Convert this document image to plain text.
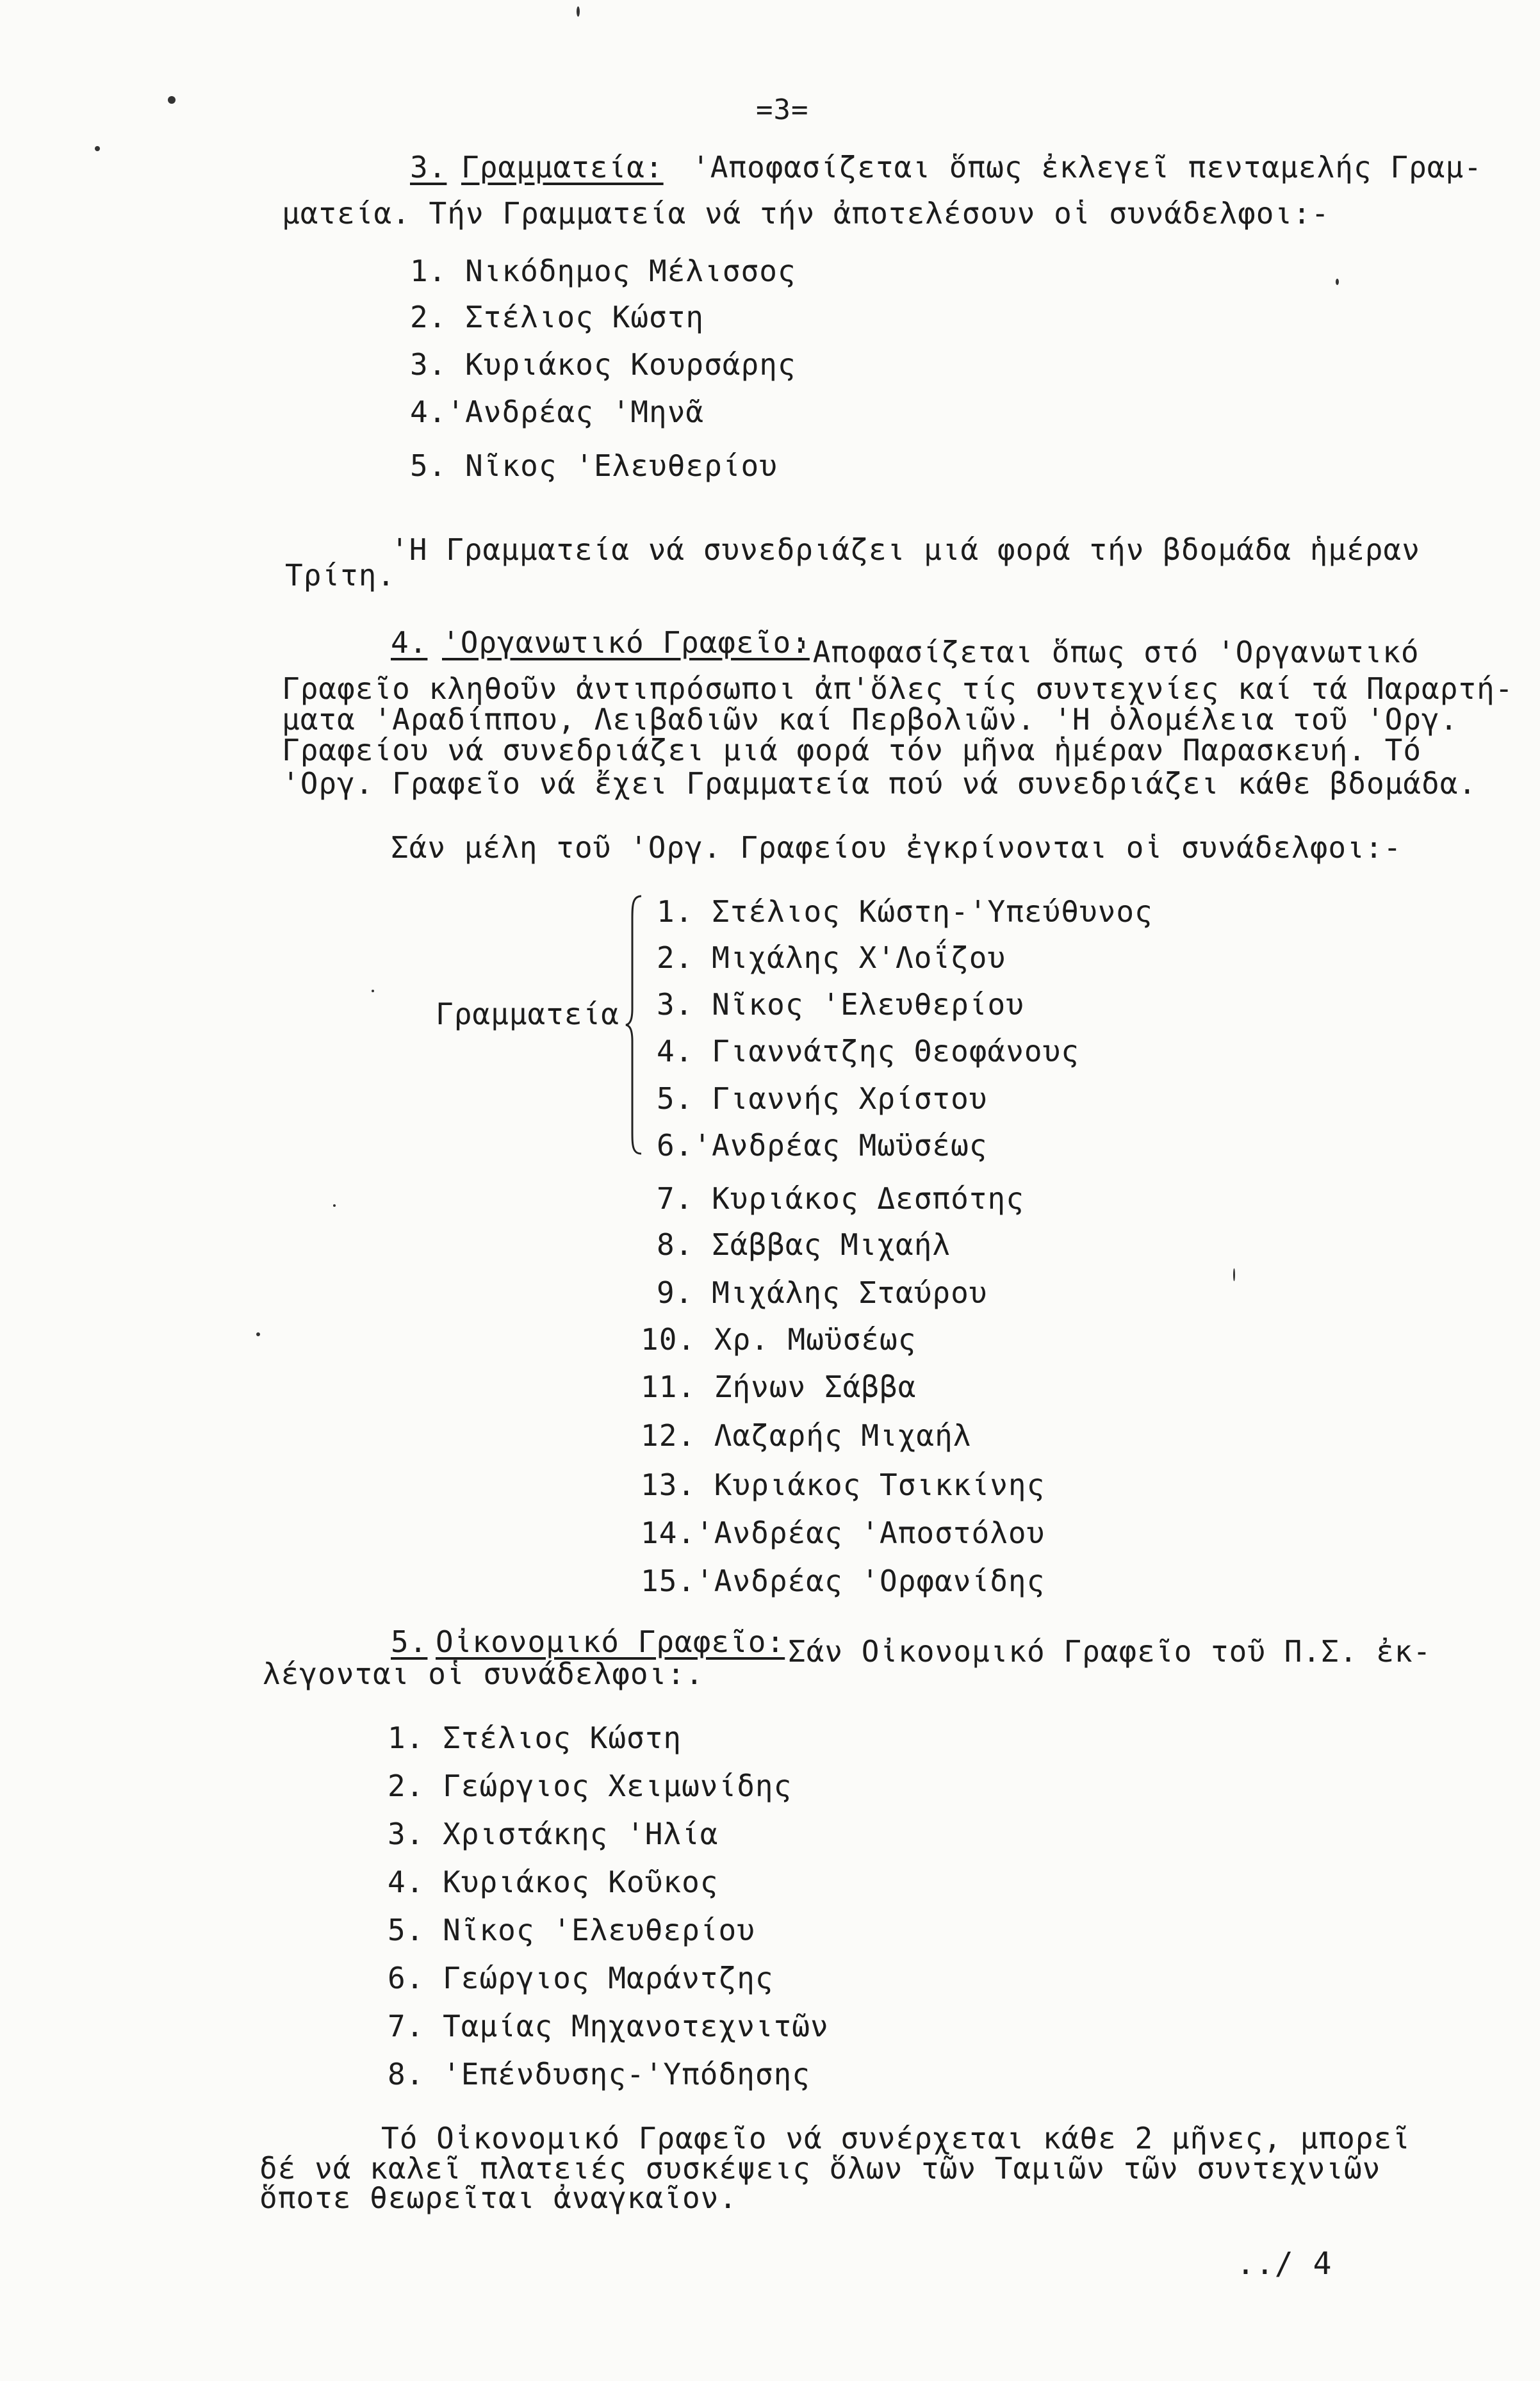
=3=
3. Γραμματεία: 'Αποφασίζεται ὅπως ἐκλεγεῖ πενταμελής Γραμ-
ματεία. Τήν Γραμματεία νά τήν ἀποτελέσουν οἱ συνάδελφοι:-
1. Νικόδημος Μέλισσος
2. Στέλιος Κώστη
3. Κυριάκος Κουρσάρης
4.'Ανδρέας 'Μηνᾶ
5. Νῖκος 'Ελευθερίου
'Η Γραμματεία νά συνεδριάζει μιά φορά τήν βδομάδα ἡμέραν
Τρίτη.
4. 'Οργανωτικό Γραφεῖο:
'Αποφασίζεται ὅπως στό 'Οργανωτικό
Γραφεῖο κληθοῦν ἀντιπρόσωποι ἀπ'ὅλες τίς συντεχνίες καί τά Παραρτή-
ματα 'Αραδίππου, Λειβαδιῶν καί Περβολιῶν. 'Η ὁλομέλεια τοῦ 'Οργ.
Γραφείου νά συνεδριάζει μιά φορά τόν μῆνα ἡμέραν Παρασκευή. Τό
'Οργ. Γραφεῖο νά ἔχει Γραμματεία πού νά συνεδριάζει κάθε βδομάδα.
Σάν μέλη τοῦ 'Οργ. Γραφείου ἐγκρίνονται οἱ συνάδελφοι:-
Γραμματεία
1. Στέλιος Κώστη-'Υπεύθυνος
2. Μιχάλης Χ'Λοΐζου
3. Νῖκος 'Ελευθερίου
4. Γιαννάτζης Θεοφάνους
5. Γιαννής Χρίστου
6.'Ανδρέας Μωϋσέως
7. Κυριάκος Δεσπότης
8. Σάββας Μιχαήλ
9. Μιχάλης Σταύρου
10. Χρ. Μωϋσέως
11. Ζήνων Σάββα
12. Λαζαρής Μιχαήλ
13. Κυριάκος Τσικκίνης
14.'Ανδρέας 'Αποστόλου
15.'Ανδρέας 'Ορφανίδης
5. Οἰκονομικό Γραφεῖο: Σάν Οἰκονομικό Γραφεῖο τοῦ Π.Σ. ἐκ-
λέγονται οἱ συνάδελφοι:.
1. Στέλιος Κώστη
2. Γεώργιος Χειμωνίδης
3. Χριστάκης 'Ηλία
4. Κυριάκος Κοῦκος
5. Νῖκος 'Ελευθερίου
6. Γεώργιος Μαράντζης
7. Ταμίας Μηχανοτεχνιτῶν
8. 'Επένδυσης-'Υπόδησης
Τό Οἰκονομικό Γραφεῖο νά συνέρχεται κάθε 2 μῆνες, μπορεῖ
δέ νά καλεῖ πλατειές συσκέψεις ὅλων τῶν Ταμιῶν τῶν συντεχνιῶν
ὅποτε θεωρεῖται ἀναγκαῖον.
../ 4
